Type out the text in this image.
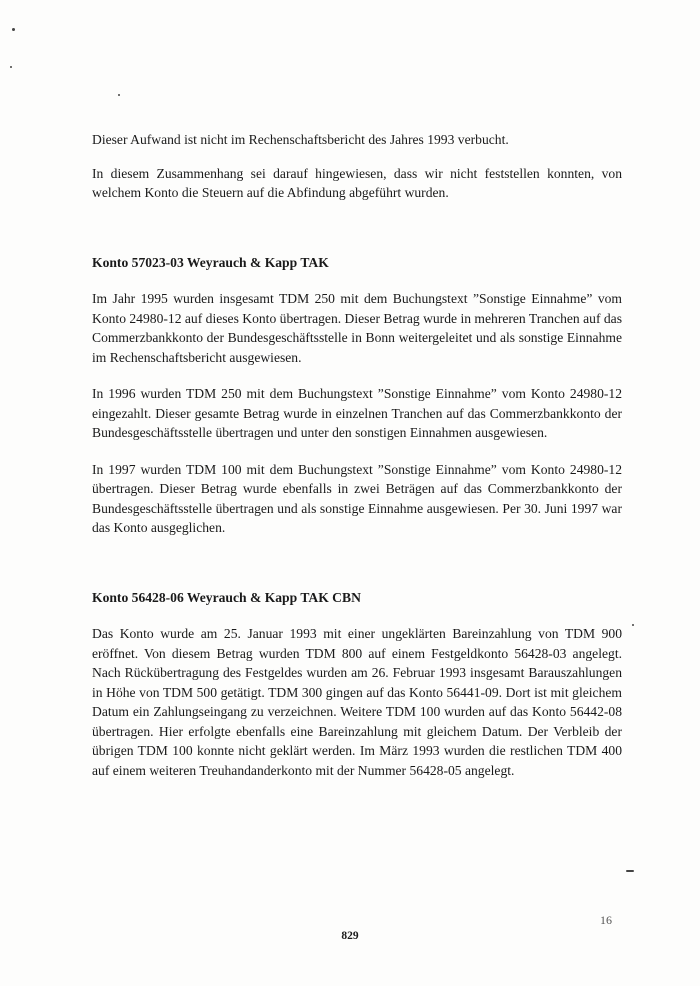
Dieser Aufwand ist nicht im Rechenschaftsbericht des Jahres 1993 verbucht.

In diesem Zusammenhang sei darauf hingewiesen, dass wir nicht feststellen konnten, von welchem Konto die Steuern auf die Abfindung abgeführt wurden.

Konto 57023-03 Weyrauch & Kapp TAK

Im Jahr 1995 wurden insgesamt TDM 250 mit dem Buchungstext ”Sonstige Einnahme” vom Konto 24980-12 auf dieses Konto übertragen. Dieser Betrag wurde in mehreren Tranchen auf das Commerzbankkonto der Bundesgeschäftsstelle in Bonn weitergeleitet und als sonstige Einnahme im Rechenschaftsbericht ausgewiesen.

In 1996 wurden TDM 250 mit dem Buchungstext ”Sonstige Einnahme” vom Konto 24980-12 eingezahlt. Dieser gesamte Betrag wurde in einzelnen Tranchen auf das Commerzbankkonto der Bundesgeschäftsstelle übertragen und unter den sonstigen Einnahmen ausgewiesen.

In 1997 wurden TDM 100 mit dem Buchungstext ”Sonstige Einnahme” vom Konto 24980-12 übertragen. Dieser Betrag wurde ebenfalls in zwei Beträgen auf das Commerzbankkonto der Bundesgeschäftsstelle übertragen und als sonstige Einnahme ausgewiesen. Per 30. Juni 1997 war das Konto ausgeglichen.

Konto 56428-06 Weyrauch & Kapp TAK CBN

Das Konto wurde am 25. Januar 1993 mit einer ungeklärten Bareinzahlung von TDM 900 eröffnet. Von diesem Betrag wurden TDM 800 auf einem Festgeldkonto 56428-03 angelegt. Nach Rückübertragung des Festgeldes wurden am 26. Februar 1993 insgesamt Barauszahlungen in Höhe von TDM 500 getätigt. TDM 300 gingen auf das Konto 56441-09. Dort ist mit gleichem Datum ein Zahlungseingang zu verzeichnen. Weitere TDM 100 wurden auf das Konto 56442-08 übertragen. Hier erfolgte ebenfalls eine Bareinzahlung mit gleichem Datum. Der Verbleib der übrigen TDM 100 konnte nicht geklärt werden. Im März 1993 wurden die restlichen TDM 400 auf einem weiteren Treuhandanderkonto mit der Nummer 56428-05 angelegt.

16
829
